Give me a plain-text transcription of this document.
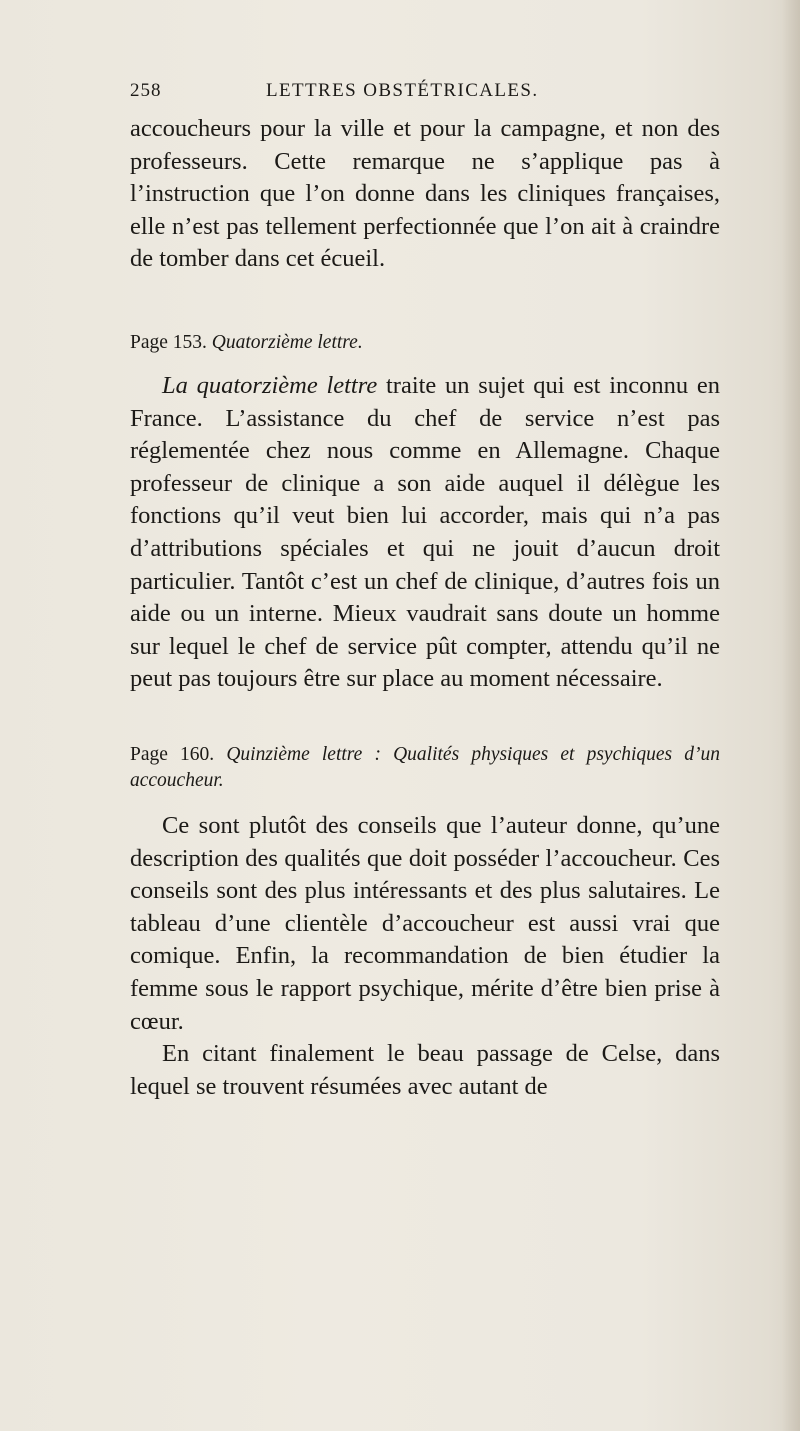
258	LETTRES OBSTÉTRICALES.

accoucheurs pour la ville et pour la campagne, et non des professeurs. Cette remarque ne s’applique pas à l’instruction que l’on donne dans les cliniques françaises, elle n’est pas tellement perfectionnée que l’on ait à craindre de tomber dans cet écueil.

Page 153. Quatorzième lettre.

La quatorzième lettre traite un sujet qui est inconnu en France. L’assistance du chef de service n’est pas réglementée chez nous comme en Allemagne. Chaque professeur de clinique a son aide auquel il délègue les fonctions qu’il veut bien lui accorder, mais qui n’a pas d’attributions spéciales et qui ne jouit d’aucun droit particulier. Tantôt c’est un chef de clinique, d’autres fois un aide ou un interne. Mieux vaudrait sans doute un homme sur lequel le chef de service pût compter, attendu qu’il ne peut pas toujours être sur place au moment nécessaire.

Page 160. Quinzième lettre : Qualités physiques et psychiques d’un accoucheur.

Ce sont plutôt des conseils que l’auteur donne, qu’une description des qualités que doit posséder l’accoucheur. Ces conseils sont des plus intéressants et des plus salutaires. Le tableau d’une clientèle d’accoucheur est aussi vrai que comique. Enfin, la recommandation de bien étudier la femme sous le rapport psychique, mérite d’être bien prise à cœur.

En citant finalement le beau passage de Celse, dans lequel se trouvent résumées avec autant de
